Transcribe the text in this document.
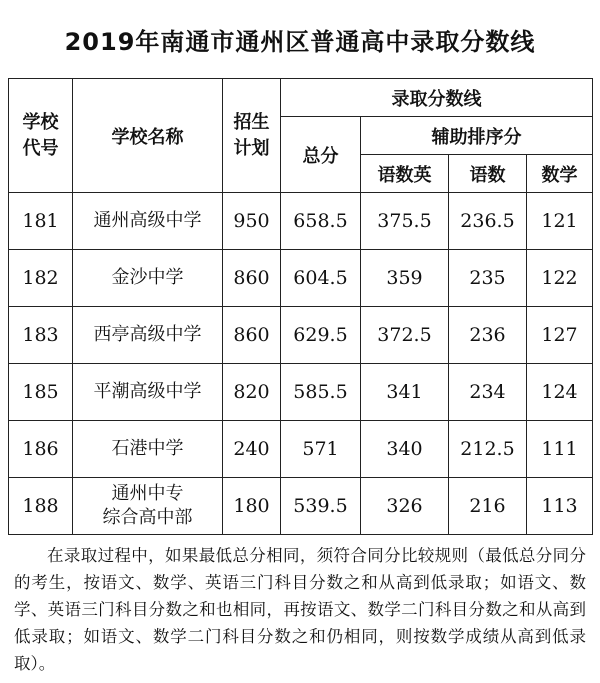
2019年南通市通州区普通高中录取分数线
学校代号	学校名称	招生计划	录取分数线			
			总分	辅助排序分		
				语数英	语数	数学
181	通州高级中学	950	658.5	375.5	236.5	121
182	金沙中学	860	604.5	359	235	122
183	西亭高级中学	860	629.5	372.5	236	127
185	平潮高级中学	820	585.5	341	234	124
186	石港中学	240	571	340	212.5	111
188	通州中专
综合高中部	180	539.5	326	216	113
在录取过程中，如果最低总分相同，须符合同分比较规则（最低总分同分的考生，按语文、数学、英语三门科目分数之和从高到低录取；如语文、数学、英语三门科目分数之和也相同，再按语文、数学二门科目分数之和从高到低录取；如语文、数学二门科目分数之和仍相同，则按数学成绩从高到低录取）。
